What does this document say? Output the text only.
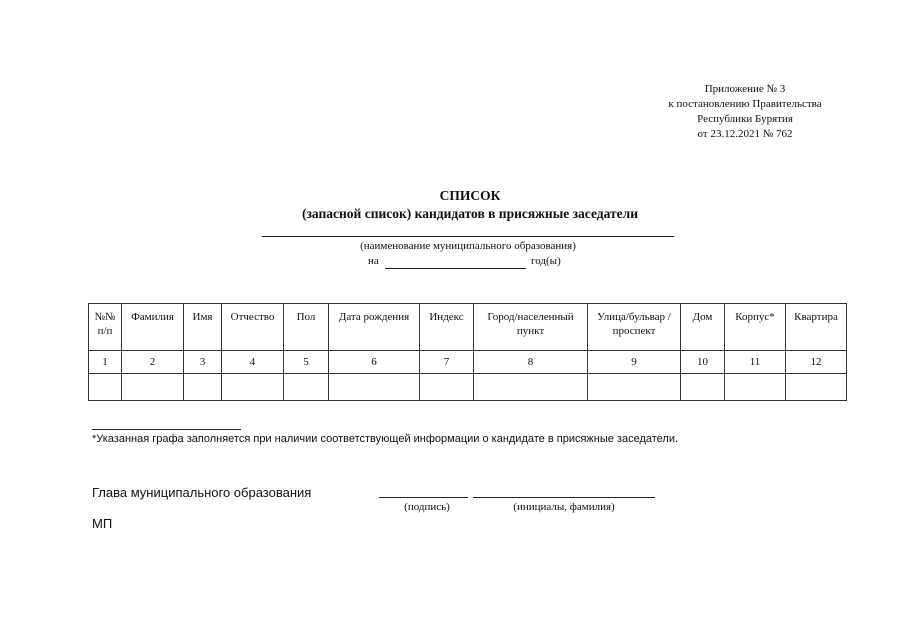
Приложение № 3
к постановлению Правительства
Республики Бурятия
от 23.12.2021 № 762
СПИСОК
(запасной список) кандидатов в присяжные заседатели
(наименование муниципального образования)
на	год(ы)
№№ п/п	Фамилия	Имя	Отчество	Пол	Дата рождения	Индекс	Город/населенный пункт	Улица/бульвар /проспект	Дом	Корпус*	Квартира
1	2	3	4	5	6	7	8	9	10	11	12

*Указанная графа заполняется при наличии соответствующей информации о кандидате в присяжные заседатели.
Глава муниципального образования
(подпись)	(инициалы, фамилия)
МП
